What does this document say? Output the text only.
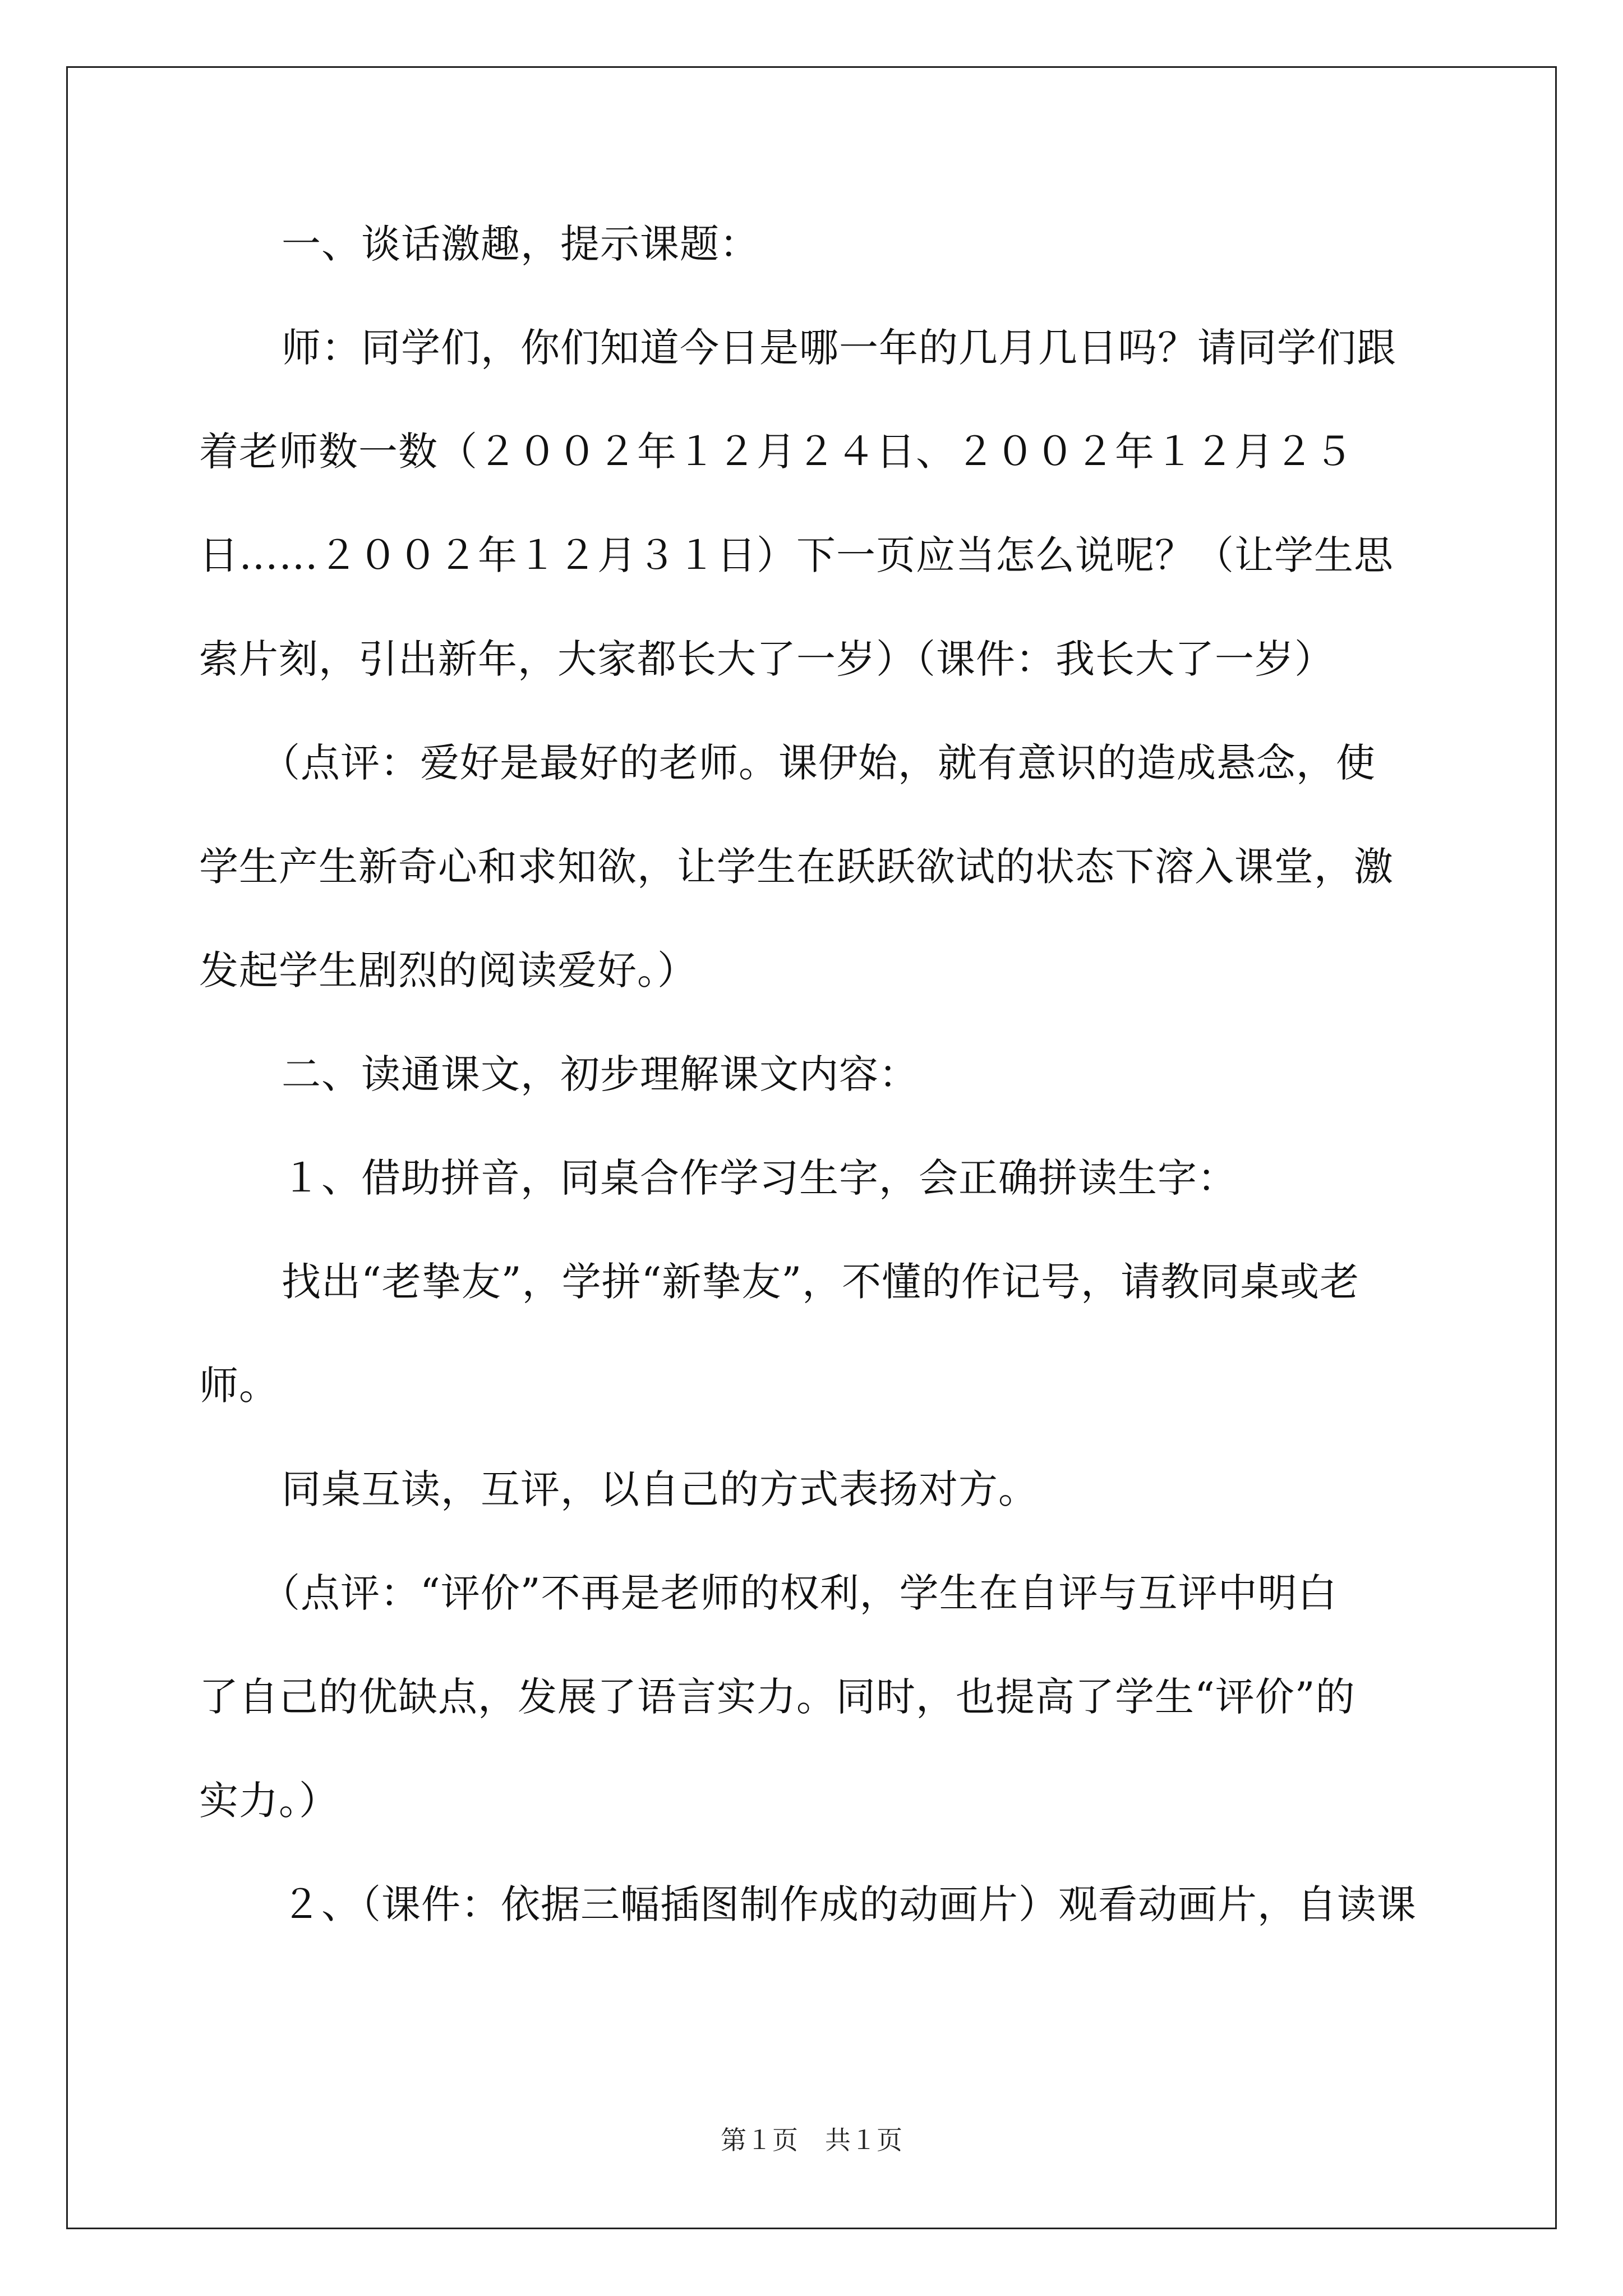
一、谈话激趣，提示课题：
师：同学们，你们知道今日是哪一年的几月几日吗？请同学们跟
着老师数一数（２００２年１２月２４日、２００２年１２月２５
日……２００２年１２月３１日）下一页应当怎么说呢？（让学生思
索片刻，引出新年，大家都长大了一岁）（课件：我长大了一岁）
（点评：爱好是最好的老师。课伊始，就有意识的造成悬念，使
学生产生新奇心和求知欲，让学生在跃跃欲试的状态下溶入课堂，激
发起学生剧烈的阅读爱好。）
二、读通课文，初步理解课文内容：
１、借助拼音，同桌合作学习生字，会正确拼读生字：
找出“老挚友”，学拼“新挚友”，不懂的作记号，请教同桌或老
师。
同桌互读，互评，以自己的方式表扬对方。
（点评：“评价”不再是老师的权利，学生在自评与互评中明白
了自己的优缺点，发展了语言实力。同时，也提高了学生“评价”的
实力。）
２、（课件：依据三幅插图制作成的动画片）观看动画片，自读课
第１页 共１页
